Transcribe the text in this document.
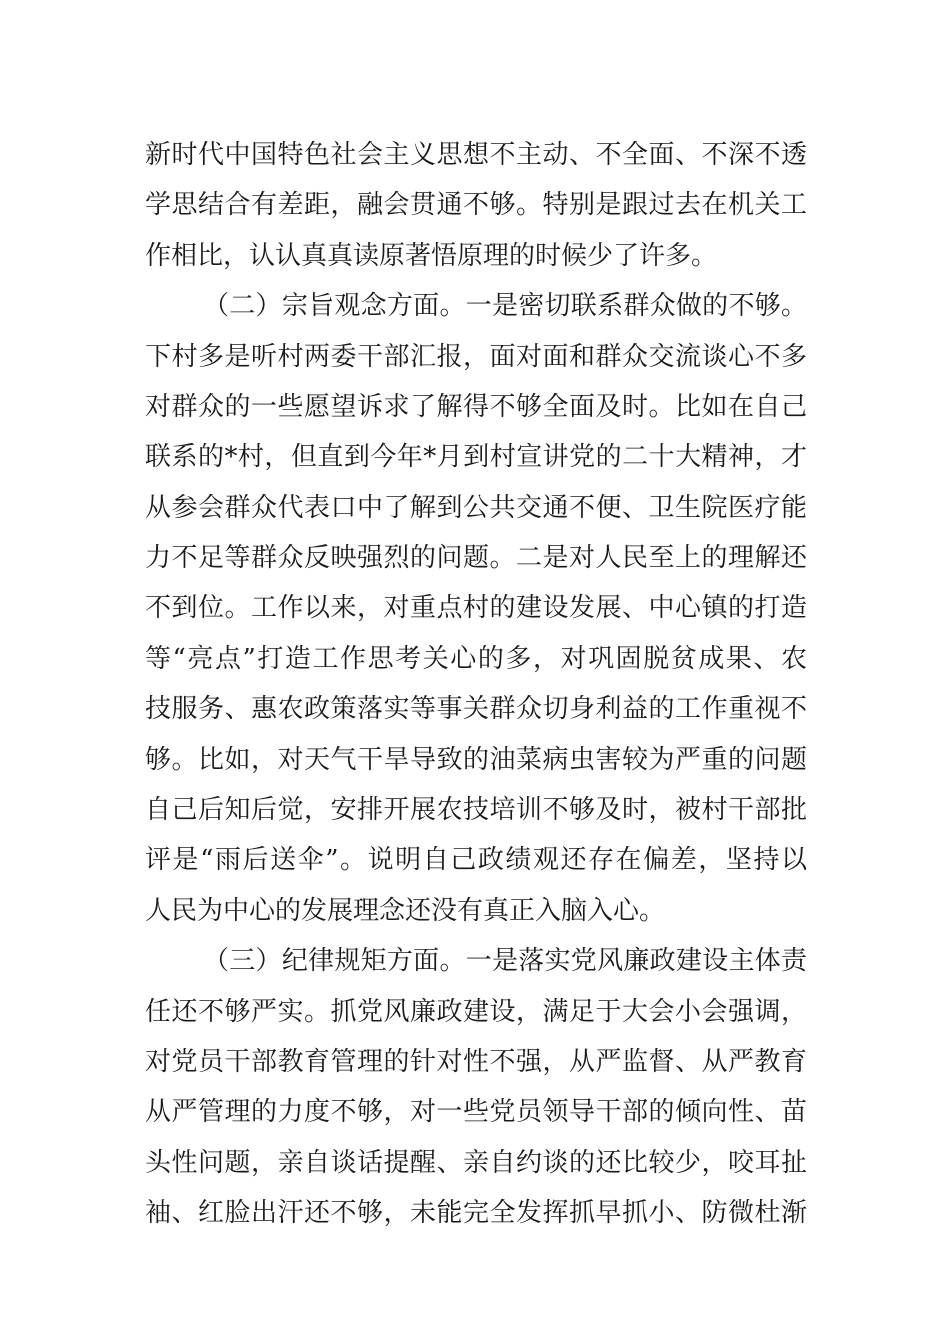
新时代中国特色社会主义思想不主动、不全面、不深不透
学思结合有差距，融会贯通不够。特别是跟过去在机关工
作相比，认认真真读原著悟原理的时候少了许多。
（二）宗旨观念方面。一是密切联系群众做的不够。
下村多是听村两委干部汇报，面对面和群众交流谈心不多
对群众的一些愿望诉求了解得不够全面及时。比如在自己
联系的*村，但直到今年*月到村宣讲党的二十大精神，才
从参会群众代表口中了解到公共交通不便、卫生院医疗能
力不足等群众反映强烈的问题。二是对人民至上的理解还
不到位。工作以来，对重点村的建设发展、中心镇的打造
等“亮点”打造工作思考关心的多，对巩固脱贫成果、农
技服务、惠农政策落实等事关群众切身利益的工作重视不
够。比如，对天气干旱导致的油菜病虫害较为严重的问题
自己后知后觉，安排开展农技培训不够及时，被村干部批
评是“雨后送伞”。说明自己政绩观还存在偏差，坚持以
人民为中心的发展理念还没有真正入脑入心。
（三）纪律规矩方面。一是落实党风廉政建设主体责
任还不够严实。抓党风廉政建设，满足于大会小会强调，
对党员干部教育管理的针对性不强，从严监督、从严教育
从严管理的力度不够，对一些党员领导干部的倾向性、苗
头性问题，亲自谈话提醒、亲自约谈的还比较少，咬耳扯
袖、红脸出汗还不够，未能完全发挥抓早抓小、防微杜渐
